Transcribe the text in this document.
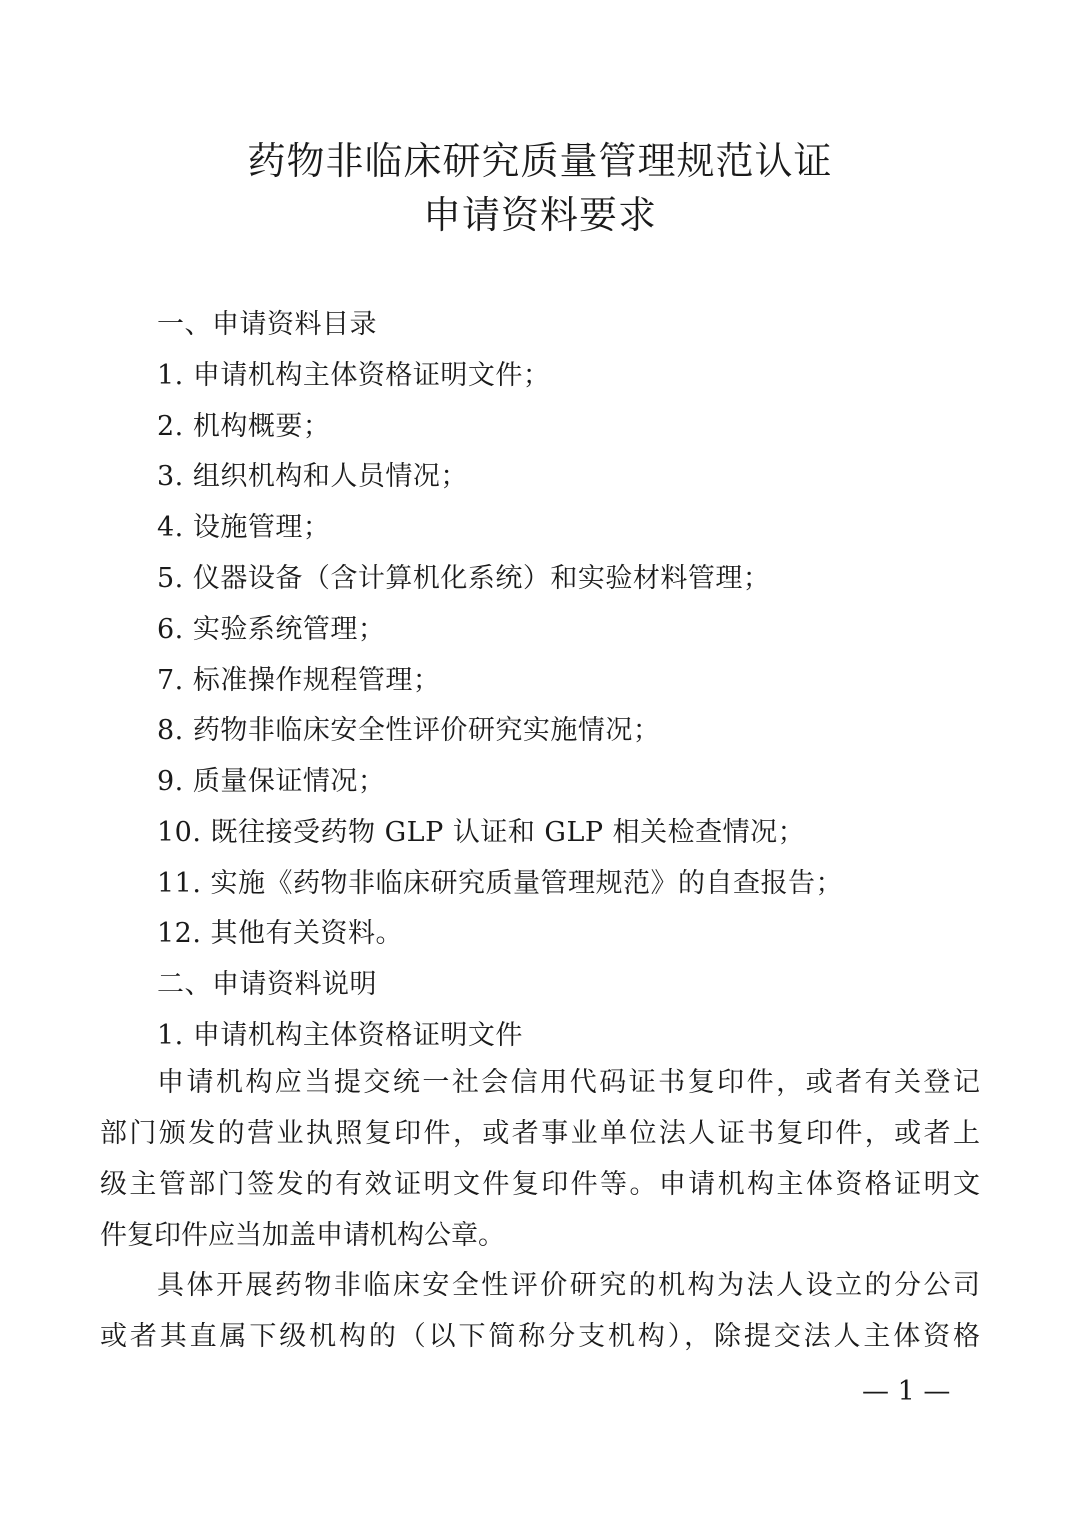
药物非临床研究质量管理规范认证
申请资料要求
一、申请资料目录
1. 申请机构主体资格证明文件；
2. 机构概要；
3. 组织机构和人员情况；
4. 设施管理；
5. 仪器设备（含计算机化系统）和实验材料管理；
6. 实验系统管理；
7. 标准操作规程管理；
8. 药物非临床安全性评价研究实施情况；
9. 质量保证情况；
10. 既往接受药物 GLP 认证和 GLP 相关检查情况；
11. 实施《药物非临床研究质量管理规范》的自查报告；
12. 其他有关资料。
二、申请资料说明
1. 申请机构主体资格证明文件
申请机构应当提交统一社会信用代码证书复印件，或者有关登记
部门颁发的营业执照复印件，或者事业单位法人证书复印件，或者上
级主管部门签发的有效证明文件复印件等。申请机构主体资格证明文
件复印件应当加盖申请机构公章。
具体开展药物非临床安全性评价研究的机构为法人设立的分公司
或者其直属下级机构的（以下简称分支机构），除提交法人主体资格
— 1 —
